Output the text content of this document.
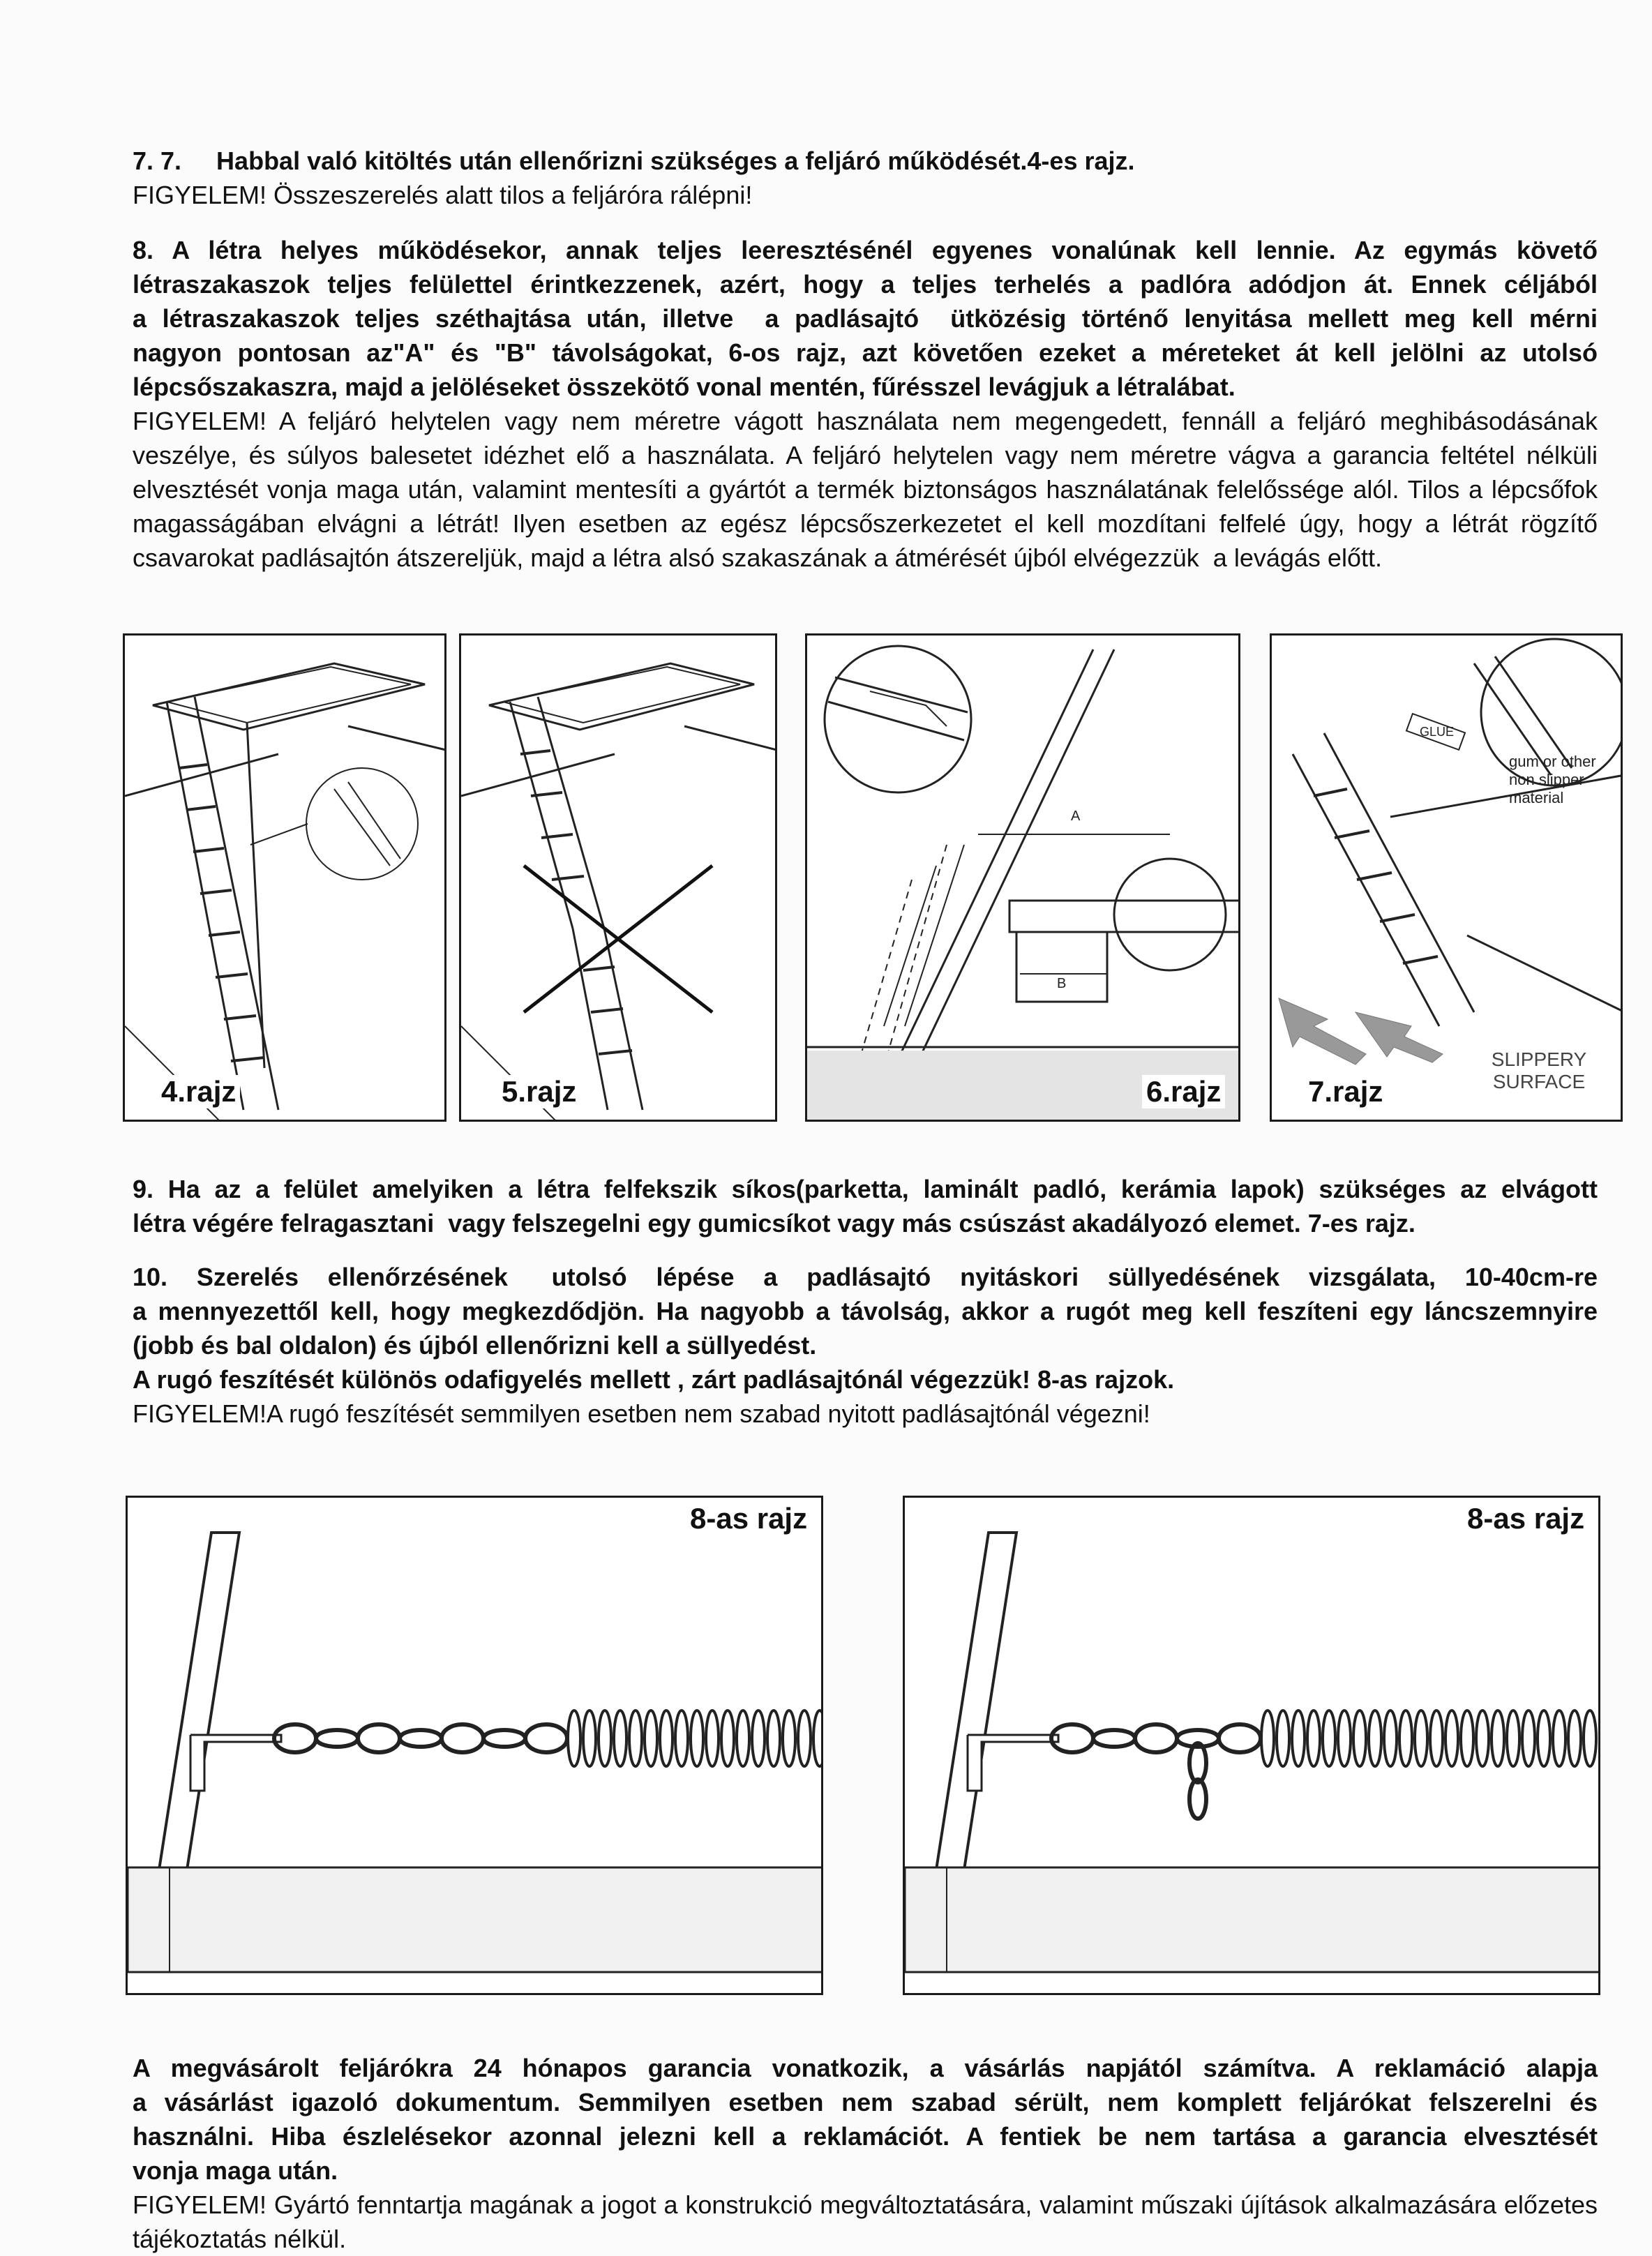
7. 7.     Habbal való kitöltés után ellenőrizni szükséges a feljáró működését.4-es rajz.
FIGYELEM! Összeszerelés alatt tilos a feljáróra rálépni!
8. A létra helyes működésekor, annak teljes leeresztésénél egyenes vonalúnak kell lennie. Az egymás követő
létraszakaszok teljes felülettel érintkezzenek, azért, hogy a teljes terhelés a padlóra adódjon át. Ennek céljából
a létraszakaszok teljes széthajtása után, illetve  a padlásajtó  ütközésig történő lenyitása mellett meg kell mérni
nagyon pontosan az"A" és "B" távolságokat, 6-os rajz, azt követően ezeket a méreteket át kell jelölni az utolsó
lépcsőszakaszra, majd a jelöléseket összekötő vonal mentén, fűrésszel levágjuk a létralábat.
FIGYELEM! A feljáró helytelen vagy nem méretre vágott használata nem megengedett, fennáll a feljáró meghibásodásának
veszélye, és súlyos balesetet idézhet elő a használata. A feljáró helytelen vagy nem méretre vágva a garancia feltétel nélküli
elvesztését vonja maga után, valamint mentesíti a gyártót a termék biztonságos használatának felelőssége alól. Tilos a lépcsőfok
magasságában elvágni a létrát! Ilyen esetben az egész lépcsőszerkezetet el kell mozdítani felfelé úgy, hogy a létrát rögzítő
csavarokat padlásajtón átszereljük, majd a létra alsó szakaszának a átmérését újból elvégezzük  a levágás előtt.
4.rajz	5.rajz
A
B
6.rajz
GLUE
gum or other
non slipper
material
7.rajz
SLIPPERY
SURFACE
9. Ha az a felület amelyiken a létra felfekszik síkos(parketta, laminált padló, kerámia lapok) szükséges az elvágott
létra végére felragasztani  vagy felszegelni egy gumicsíkot vagy más csúszást akadályozó elemet. 7-es rajz.
10.  Szerelés  ellenőrzésének   utolsó  lépése  a  padlásajtó  nyitáskori  süllyedésének  vizsgálata,  10-40cm-re
a mennyezettől kell, hogy megkezdődjön. Ha nagyobb a távolság, akkor a rugót meg kell feszíteni egy láncszemnyire
(jobb és bal oldalon) és újból ellenőrizni kell a süllyedést.
A rugó feszítését különös odafigyelés mellett , zárt padlásajtónál végezzük! 8-as rajzok.
FIGYELEM!A rugó feszítését semmilyen esetben nem szabad nyitott padlásajtónál végezni!
8-as rajz	8-as rajz
A megvásárolt feljárókra 24 hónapos garancia vonatkozik, a vásárlás napjától számítva. A reklamáció alapja
a vásárlást igazoló dokumentum. Semmilyen esetben nem szabad sérült, nem komplett feljárókat felszerelni és
használni. Hiba észlelésekor azonnal jelezni kell a reklamációt. A fentiek be nem tartása a garancia elvesztését
vonja maga után.
FIGYELEM! Gyártó fenntartja magának a jogot a konstrukció megváltoztatására, valamint műszaki újítások alkalmazására előzetes
tájékoztatás nélkül.
